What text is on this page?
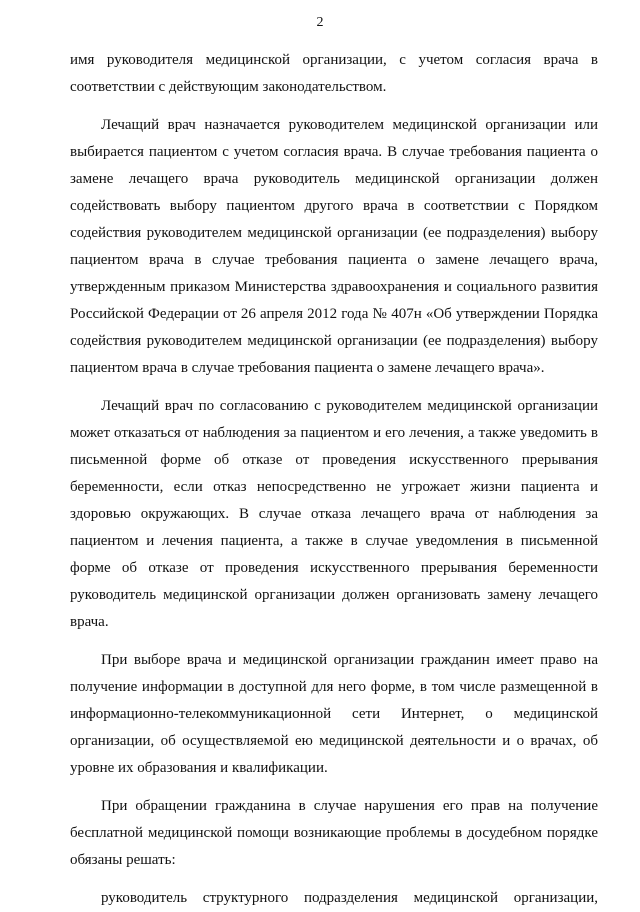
2

имя руководителя медицинской организации, с учетом согласия врача в соответствии с действующим законодательством.

Лечащий врач назначается руководителем медицинской организации или выбирается пациентом с учетом согласия врача. В случае требования пациента о замене лечащего врача руководитель медицинской организации должен содействовать выбору пациентом другого врача в соответствии с Порядком содействия руководителем медицинской организации (ее подразделения) выбору пациентом врача в случае требования пациента о замене лечащего врача, утвержденным приказом Министерства здравоохранения и социального развития Российской Федерации от 26 апреля 2012 года № 407н «Об утверждении Порядка содействия руководителем медицинской организации (ее подразделения) выбору пациентом врача в случае требования пациента о замене лечащего врача».

Лечащий врач по согласованию с руководителем медицинской организации может отказаться от наблюдения за пациентом и его лечения, а также уведомить в письменной форме об отказе от проведения искусственного прерывания беременности, если отказ непосредственно не угрожает жизни пациента и здоровью окружающих. В случае отказа лечащего врача от наблюдения за пациентом и лечения пациента, а также в случае уведомления в письменной форме об отказе от проведения искусственного прерывания беременности руководитель медицинской организации должен организовать замену лечащего врача.

При выборе врача и медицинской организации гражданин имеет право на получение информации в доступной для него форме, в том числе размещенной в информационно-телекоммуникационной сети Интернет, о медицинской организации, об осуществляемой ею медицинской деятельности и о врачах, об уровне их образования и квалификации.

При обращении гражданина в случае нарушения его прав на получение бесплатной медицинской помощи возникающие проблемы в досудебном порядке обязаны решать:

руководитель структурного подразделения медицинской организации,
